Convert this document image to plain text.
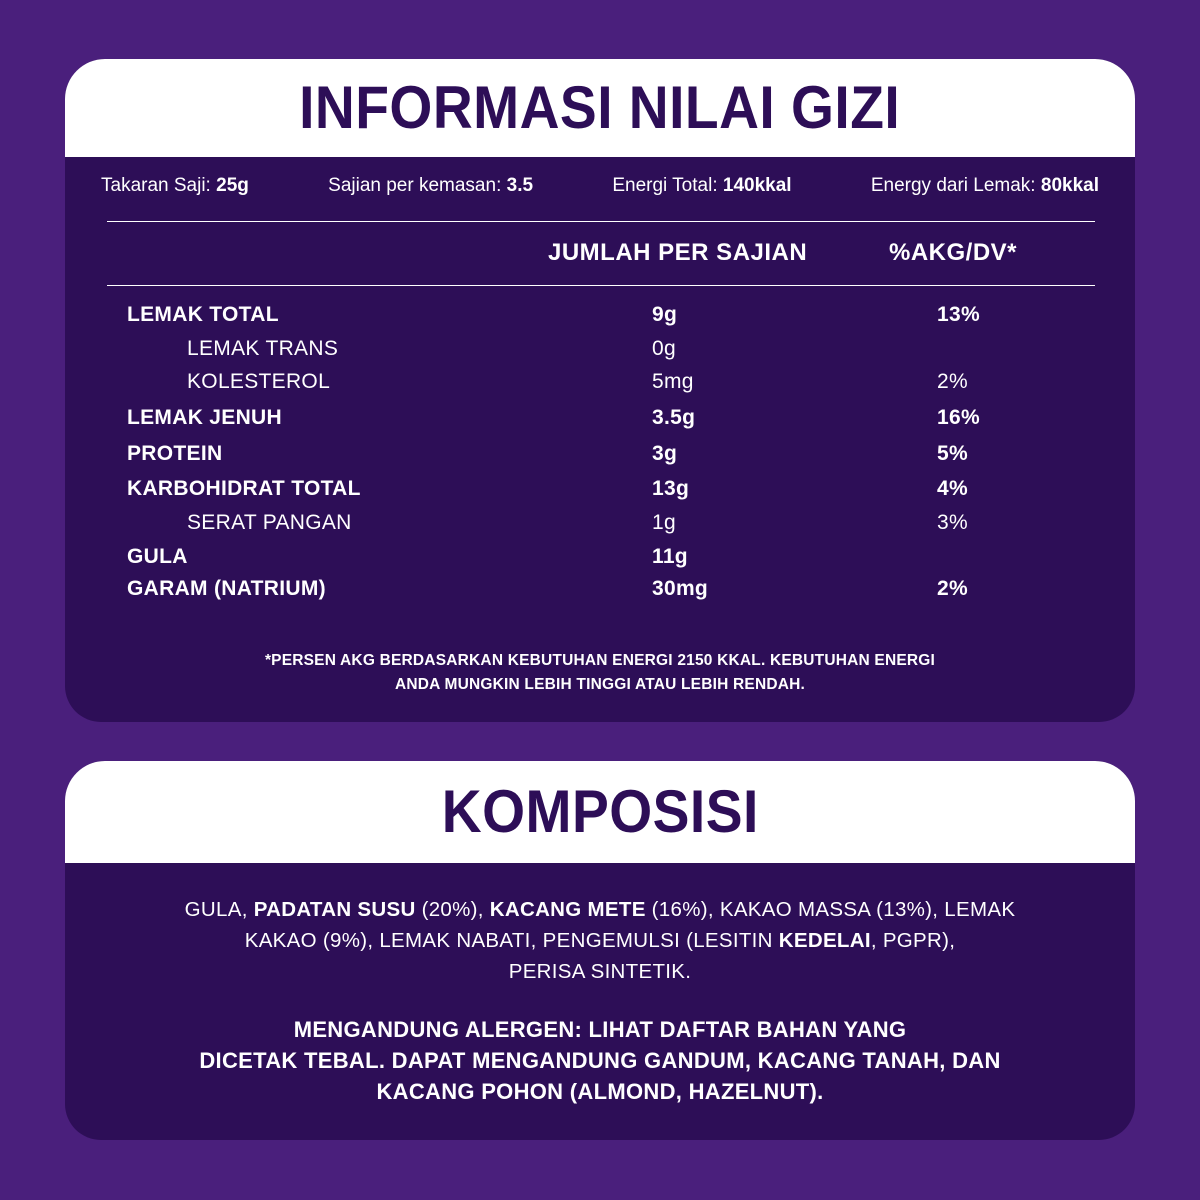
INFORMASI NILAI GIZI
Takaran Saji: 25g	Sajian per kemasan: 3.5	Energi Total: 140kkal	Energy dari Lemak: 80kkal
JUMLAH PER SAJIAN	%AKG/DV*
LEMAK TOTAL	9g	13%
LEMAK TRANS	0g
KOLESTEROL	5mg	2%
LEMAK JENUH	3.5g	16%
PROTEIN	3g	5%
KARBOHIDRAT TOTAL	13g	4%
SERAT PANGAN	1g	3%
GULA	11g
GARAM (NATRIUM)	30mg	2%
*PERSEN AKG BERDASARKAN KEBUTUHAN ENERGI 2150 KKAL. KEBUTUHAN ENERGI
ANDA MUNGKIN LEBIH TINGGI ATAU LEBIH RENDAH.
KOMPOSISI
GULA, PADATAN SUSU (20%), KACANG METE (16%), KAKAO MASSA (13%), LEMAK
KAKAO (9%), LEMAK NABATI, PENGEMULSI (LESITIN KEDELAI, PGPR),
PERISA SINTETIK.
MENGANDUNG ALERGEN: LIHAT DAFTAR BAHAN YANG
DICETAK TEBAL. DAPAT MENGANDUNG GANDUM, KACANG TANAH, DAN
KACANG POHON (ALMOND, HAZELNUT).
